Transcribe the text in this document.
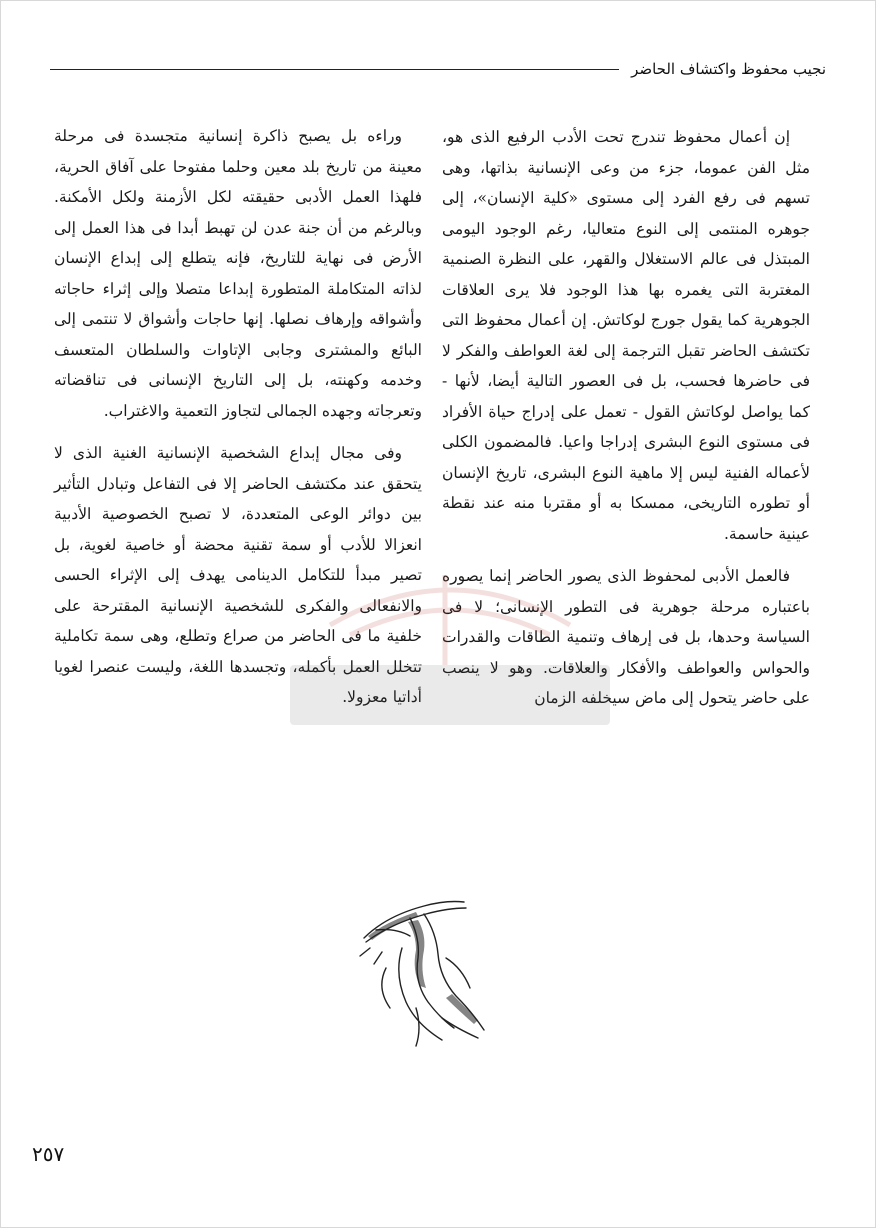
نجيب محفوظ واكتشاف الحاضر

إن أعمال محفوظ تندرج تحت الأدب الرفيع الذى هو، مثل الفن عموما، جزء من وعى الإنسانية بذاتها، وهى تسهم فى رفع الفرد إلى مستوى «كلية الإنسان»، إلى جوهره المنتمى إلى النوع متعاليا، رغم الوجود اليومى المبتذل فى عالم الاستغلال والقهر، على النظرة الصنمية المغتربة التى يغمره بها هذا الوجود فلا يرى العلاقات الجوهرية كما يقول جورج لوكاتش. إن أعمال محفوظ التى تكتشف الحاضر تقبل الترجمة إلى لغة العواطف والفكر لا فى حاضرها فحسب، بل فى العصور التالية أيضا، لأنها - كما يواصل لوكاتش القول - تعمل على إدراج حياة الأفراد فى مستوى النوع البشرى إدراجا واعيا. فالمضمون الكلى لأعماله الفنية ليس إلا ماهية النوع البشرى، تاريخ الإنسان أو تطوره التاريخى، ممسكا به أو مقتربا منه عند نقطة عينية حاسمة.

فالعمل الأدبى لمحفوظ الذى يصور الحاضر إنما يصوره باعتباره مرحلة جوهرية فى التطور الإنسانى؛ لا فى السياسة وحدها، بل فى إرهاف وتنمية الطاقات والقدرات والحواس والعواطف والأفكار والعلاقات. وهو لا ينصب على حاضر يتحول إلى ماض سيخلفه الزمان

وراءه بل يصبح ذاكرة إنسانية متجسدة فى مرحلة معينة من تاريخ بلد معين وحلما مفتوحا على آفاق الحرية، فلهذا العمل الأدبى حقيقته لكل الأزمنة ولكل الأمكنة. وبالرغم من أن جنة عدن لن تهبط أبدا فى هذا العمل إلى الأرض فى نهاية للتاريخ، فإنه يتطلع إلى إبداع الإنسان لذاته المتكاملة المتطورة إبداعا متصلا وإلى إثراء حاجاته وأشواقه وإرهاف نصلها. إنها حاجات وأشواق لا تنتمى إلى البائع والمشترى وجابى الإتاوات والسلطان المتعسف وخدمه وكهنته، بل إلى التاريخ الإنسانى فى تناقضاته وتعرجاته وجهده الجمالى لتجاوز التعمية والاغتراب.

وفى مجال إبداع الشخصية الإنسانية الغنية الذى لا يتحقق عند مكتشف الحاضر إلا فى التفاعل وتبادل التأثير بين دوائر الوعى المتعددة، لا تصبح الخصوصية الأدبية انعزالا للأدب أو سمة تقنية محضة أو خاصية لغوية، بل تصير مبدأ للتكامل الدينامى يهدف إلى الإثراء الحسى والانفعالى والفكرى للشخصية الإنسانية المقترحة على خلفية ما فى الحاضر من صراع وتطلع، وهى سمة تكاملية تتخلل العمل بأكمله، وتجسدها اللغة، وليست عنصرا لغويا أداتيا معزولا.

٢٥٧
